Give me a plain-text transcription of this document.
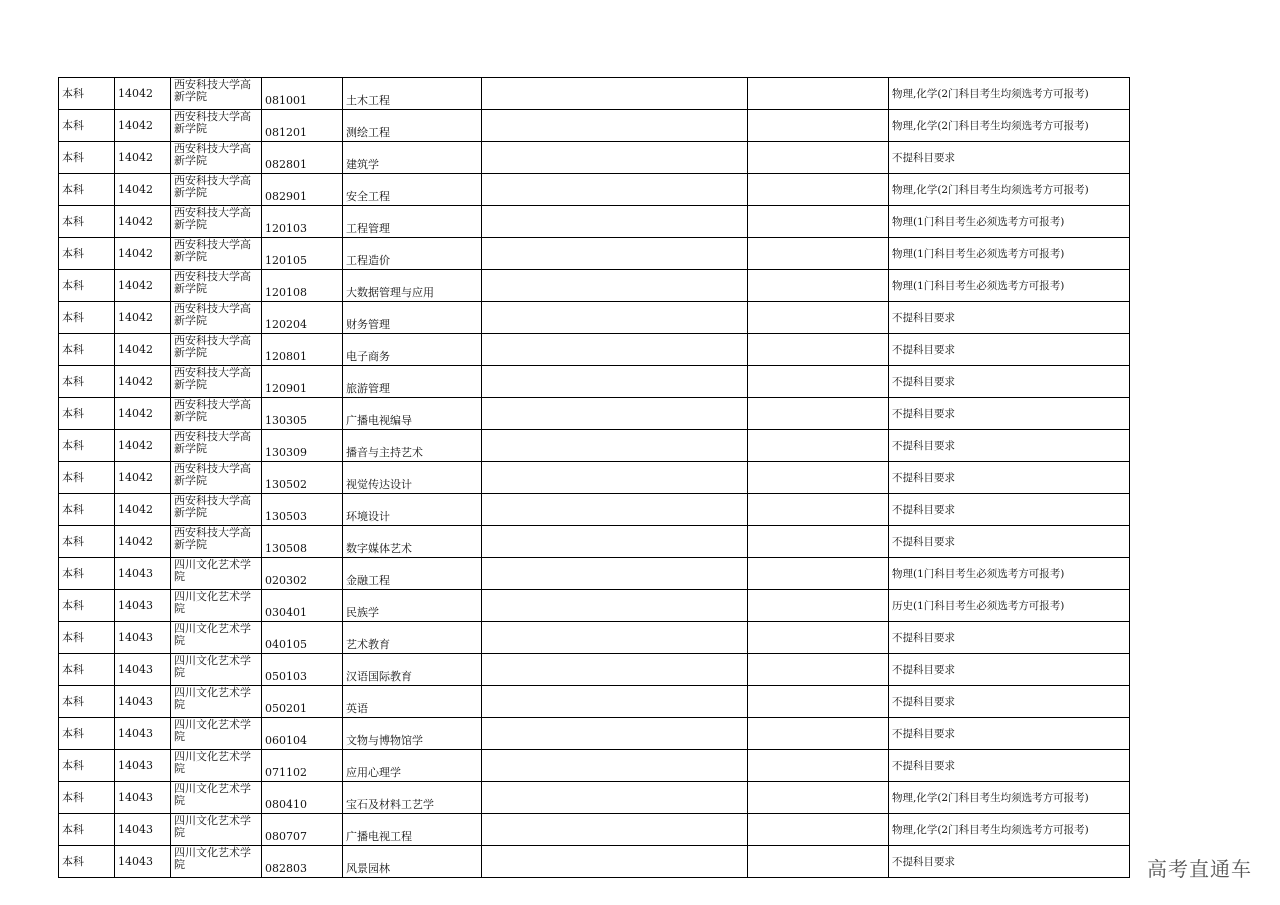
本科	14042	西安科技大学高新学院	081001	土木工程			物理,化学(2门科目考生均须选考方可报考)
本科	14042	西安科技大学高新学院	081201	测绘工程			物理,化学(2门科目考生均须选考方可报考)
本科	14042	西安科技大学高新学院	082801	建筑学			不提科目要求
本科	14042	西安科技大学高新学院	082901	安全工程			物理,化学(2门科目考生均须选考方可报考)
本科	14042	西安科技大学高新学院	120103	工程管理			物理(1门科目考生必须选考方可报考)
本科	14042	西安科技大学高新学院	120105	工程造价			物理(1门科目考生必须选考方可报考)
本科	14042	西安科技大学高新学院	120108	大数据管理与应用			物理(1门科目考生必须选考方可报考)
本科	14042	西安科技大学高新学院	120204	财务管理			不提科目要求
本科	14042	西安科技大学高新学院	120801	电子商务			不提科目要求
本科	14042	西安科技大学高新学院	120901	旅游管理			不提科目要求
本科	14042	西安科技大学高新学院	130305	广播电视编导			不提科目要求
本科	14042	西安科技大学高新学院	130309	播音与主持艺术			不提科目要求
本科	14042	西安科技大学高新学院	130502	视觉传达设计			不提科目要求
本科	14042	西安科技大学高新学院	130503	环境设计			不提科目要求
本科	14042	西安科技大学高新学院	130508	数字媒体艺术			不提科目要求
本科	14043	四川文化艺术学院	020302	金融工程			物理(1门科目考生必须选考方可报考)
本科	14043	四川文化艺术学院	030401	民族学			历史(1门科目考生必须选考方可报考)
本科	14043	四川文化艺术学院	040105	艺术教育			不提科目要求
本科	14043	四川文化艺术学院	050103	汉语国际教育			不提科目要求
本科	14043	四川文化艺术学院	050201	英语			不提科目要求
本科	14043	四川文化艺术学院	060104	文物与博物馆学			不提科目要求
本科	14043	四川文化艺术学院	071102	应用心理学			不提科目要求
本科	14043	四川文化艺术学院	080410	宝石及材料工艺学			物理,化学(2门科目考生均须选考方可报考)
本科	14043	四川文化艺术学院	080707	广播电视工程			物理,化学(2门科目考生均须选考方可报考)
本科	14043	四川文化艺术学院	082803	风景园林			不提科目要求	高考直通车
